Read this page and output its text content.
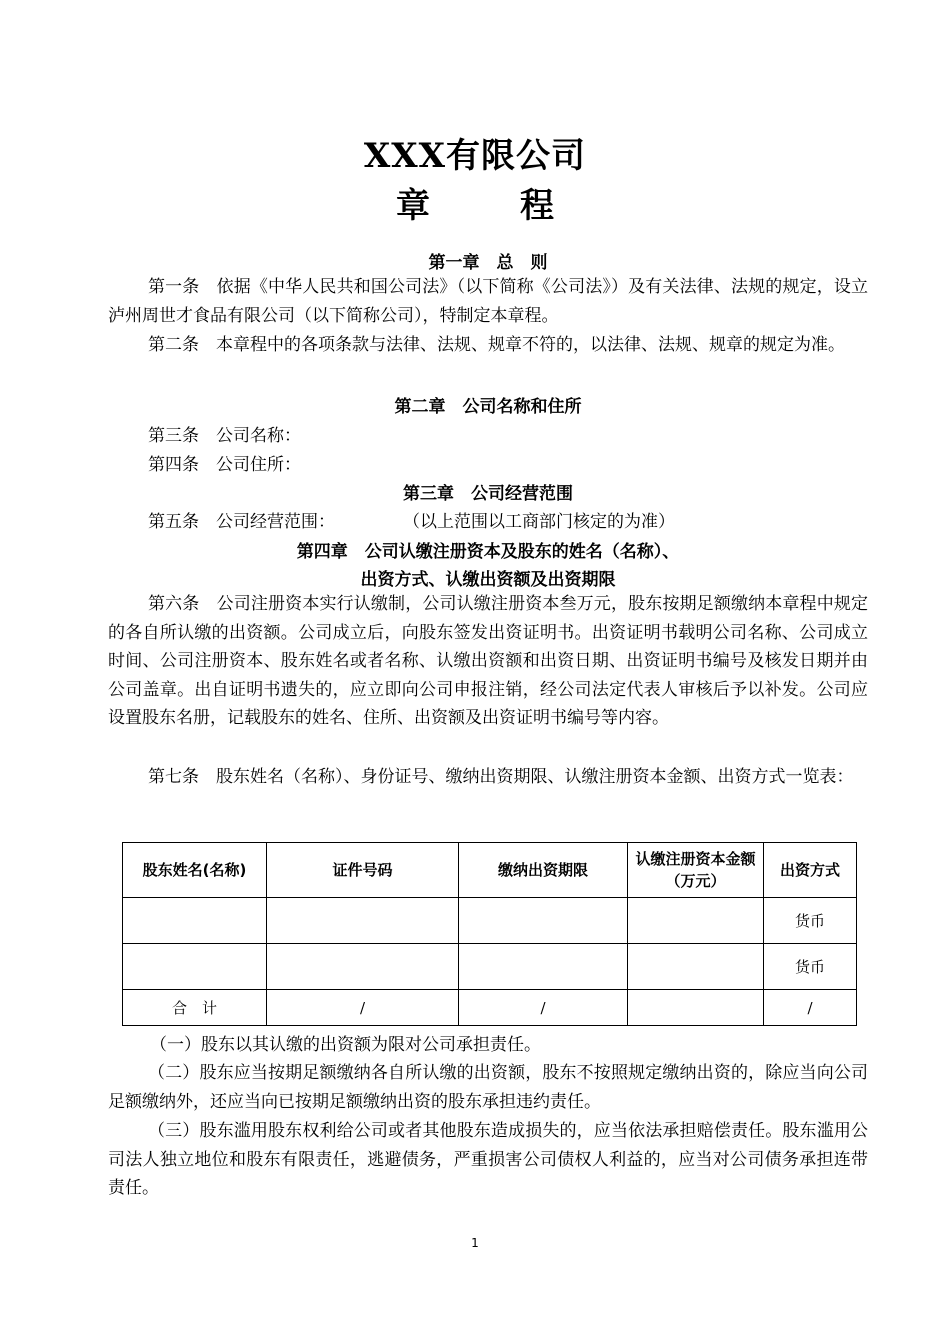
XXX有限公司
章　程
第一章　总　则
第一条　依据《中华人民共和国公司法》（以下简称《公司法》）及有关法律、法规的规定，设立泸州周世才食品有限公司（以下简称公司），特制定本章程。
第二条　本章程中的各项条款与法律、法规、规章不符的，以法律、法规、规章的规定为准。
第二章　公司名称和住所
第三条　公司名称：
第四条　公司住所：
第三章　公司经营范围
第五条　公司经营范围：　　　　　（以上范围以工商部门核定的为准）
第四章　公司认缴注册资本及股东的姓名（名称）、
出资方式、认缴出资额及出资期限
第六条　公司注册资本实行认缴制，公司认缴注册资本叁万元，股东按期足额缴纳本章程中规定的各自所认缴的出资额。公司成立后，向股东签发出资证明书。出资证明书载明公司名称、公司成立时间、公司注册资本、股东姓名或者名称、认缴出资额和出资日期、出资证明书编号及核发日期并由公司盖章。出自证明书遗失的，应立即向公司申报注销，经公司法定代表人审核后予以补发。公司应设置股东名册，记载股东的姓名、住所、出资额及出资证明书编号等内容。
第七条　股东姓名（名称）、身份证号、缴纳出资期限、认缴注册资本金额、出资方式一览表：
股东姓名(名称)	证件号码	缴纳出资期限	认缴注册资本金额（万元）	出资方式
				货币
				货币
合　计	/	/		/
（一）股东以其认缴的出资额为限对公司承担责任。
（二）股东应当按期足额缴纳各自所认缴的出资额，股东不按照规定缴纳出资的，除应当向公司足额缴纳外，还应当向已按期足额缴纳出资的股东承担违约责任。
（三）股东滥用股东权利给公司或者其他股东造成损失的，应当依法承担赔偿责任。股东滥用公司法人独立地位和股东有限责任，逃避债务，严重损害公司债权人利益的，应当对公司债务承担连带责任。
1
